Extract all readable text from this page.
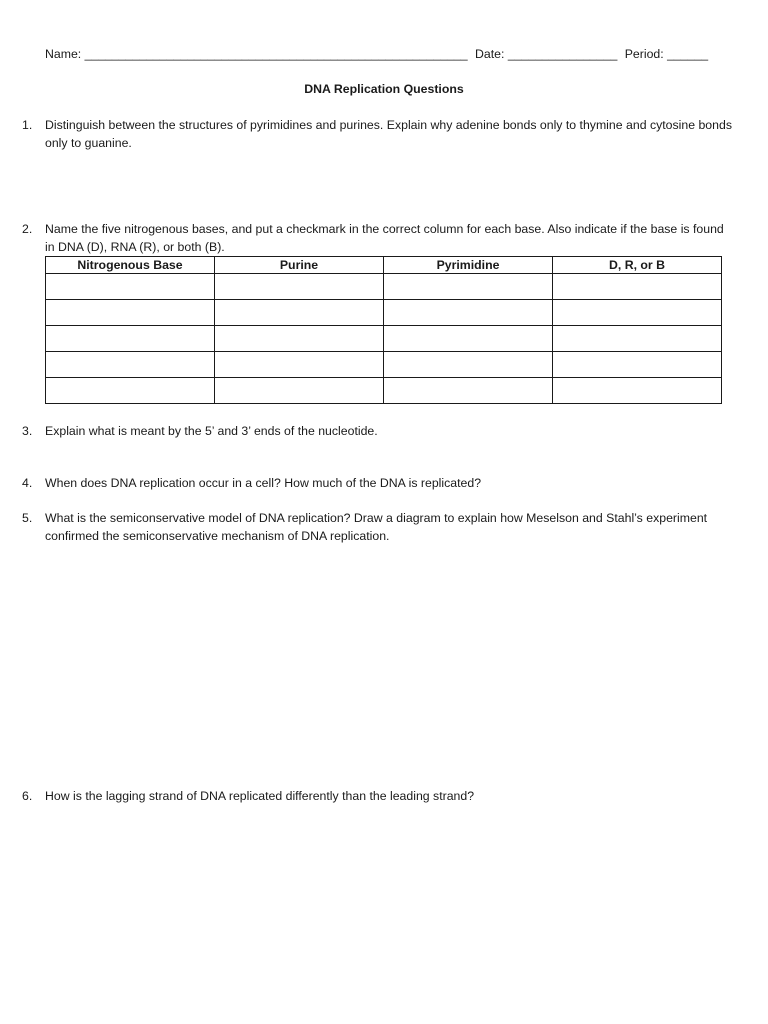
Name: ________________________________________________________ Date: ________________ Period: ______
DNA Replication Questions
1. Distinguish between the structures of pyrimidines and purines. Explain why adenine bonds only to thymine and cytosine bonds only to guanine.
2. Name the five nitrogenous bases, and put a checkmark in the correct column for each base. Also indicate if the base is found in DNA (D), RNA (R), or both (B).
Nitrogenous Base	Purine	Pyrimidine	D, R, or B

3. Explain what is meant by the 5’ and 3’ ends of the nucleotide.
4. When does DNA replication occur in a cell? How much of the DNA is replicated?
5. What is the semiconservative model of DNA replication? Draw a diagram to explain how Meselson and Stahl’s experiment confirmed the semiconservative mechanism of DNA replication.
6. How is the lagging strand of DNA replicated differently than the leading strand?
